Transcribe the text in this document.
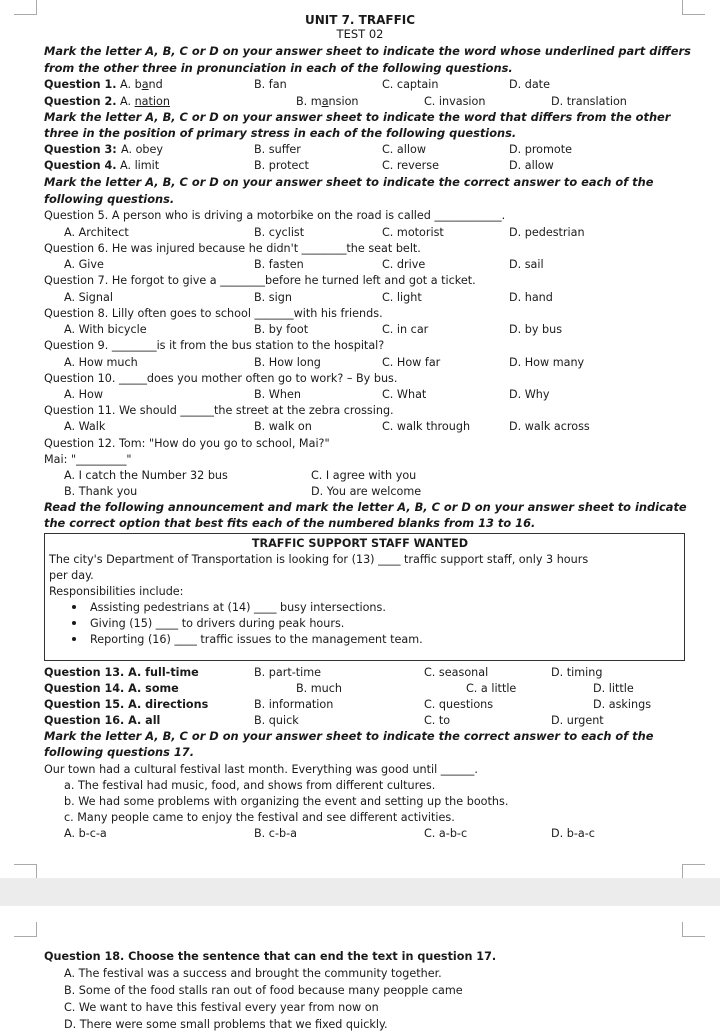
UNIT 7. TRAFFIC
TEST 02
Mark the letter A, B, C or D on your answer sheet to indicate the word whose underlined part differs
from the other three in pronunciation in each of the following questions.
Question 1. A. band	B. fan	C. captain	D. date
Question 2. A. nation	B. mansion	C. invasion	D. translation
Mark the letter A, B, C or D on your answer sheet to indicate the word that differs from the other
three in the position of primary stress in each of the following questions.
Question 3: A. obey	B. suffer	C. allow	D. promote
Question 4. A. limit	B. protect	C. reverse	D. allow
Mark the letter A, B, C or D on your answer sheet to indicate the correct answer to each of the
following questions.
Question 5. A person who is driving a motorbike on the road is called ____________.
A. Architect	B. cyclist	C. motorist	D. pedestrian
Question 6. He was injured because he didn't ________the seat belt.
A. Give	B. fasten	C. drive	D. sail
Question 7. He forgot to give a ________before he turned left and got a ticket.
A. Signal	B. sign	C. light	D. hand
Question 8. Lilly often goes to school _______with his friends.
A. With bicycle	B. by foot	C. in car	D. by bus
Question 9. ________is it from the bus station to the hospital?
A. How much	B. How long	C. How far	D. How many
Question 10. _____does you mother often go to work? – By bus.
A. How	B. When	C. What	D. Why
Question 11. We should ______the street at the zebra crossing.
A. Walk	B. walk on	C. walk through	D. walk across
Question 12. Tom: "How do you go to school, Mai?"
Mai: "_________"
A. I catch the Number 32 bus	C. I agree with you
B. Thank you	D. You are welcome
Read the following announcement and mark the letter A, B, C or D on your answer sheet to indicate
the correct option that best fits each of the numbered blanks from 13 to 16.
TRAFFIC SUPPORT STAFF WANTED
The city's Department of Transportation is looking for (13) ____ traffic support staff, only 3 hours
per day.
Responsibilities include:
Assisting pedestrians at (14) ____ busy intersections.
Giving (15) ____ to drivers during peak hours.
Reporting (16) ____ traffic issues to the management team.
Question 13. A. full-time	B. part-time	C. seasonal	D. timing
Question 14. A. some	B. much	C. a little	D. little
Question 15. A. directions	B. information	C. questions	D. askings
Question 16. A. all	B. quick	C. to	D. urgent
Mark the letter A, B, C or D on your answer sheet to indicate the correct answer to each of the
following questions 17.
Our town had a cultural festival last month. Everything was good until ______.
a. The festival had music, food, and shows from different cultures.
b. We had some problems with organizing the event and setting up the booths.
c. Many people came to enjoy the festival and see different activities.
A. b-c-a	B. c-b-a	C. a-b-c	D. b-a-c
Question 18. Choose the sentence that can end the text in question 17.
A. The festival was a success and brought the community together.
B. Some of the food stalls ran out of food because many peopple came
C. We want to have this festival every year from now on
D. There were some small problems that we fixed quickly.
